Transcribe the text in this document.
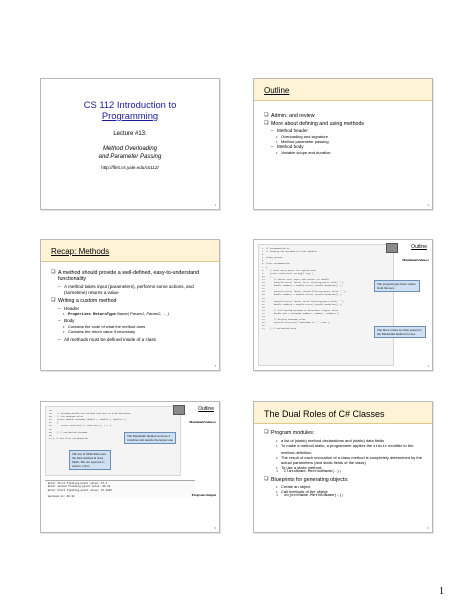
CS 112 Introduction to
Programming
Lecture #13:
Method Overloading
and Parameter Passing
http://flint.cs.yale.edu/cs112/
1
Outline
❏ Admin. and review
❏ More about defining and using methods
– Method header
• Overloading and signature
• Method parameter passing
– Method body
• Variable scope and duration
2
Recap: Methods
❏ A method should provide a well-defined, easy-to-understand functionality
– A method takes input (parameters), performs some actions, and (sometime) returns a value
❏ Writing a custom method
– Header
• Properties ReturnType Name( Param1, Param2, … )
– Body
• Contains the code of what the method does
• Contains the return value if necessary
– All methods must be defined inside of a class
3
1  // MaximumValue.cs
2  // Finding the maximum of three doubles
3
4  using System;
5
6  class MaximumValue
7  {
8     // main entry point for application
9     static void Main( string[] args )
10    {
11       // obtain user input and convert to double
12       Console.Write( "Enter first floating-point value: " );
13       double number1 = Double.Parse( Console.ReadLine() );
14
15       Console.Write( "Enter second floating-point value: " );
16       double number2 = Double.Parse( Console.ReadLine() );
17
18       Console.Write( "Enter third floating-point value: " );
19       double number3 = Double.Parse( Console.ReadLine() );
20
21       // call method Maximum to determine largest value
22       double max = Maximum( number1, number2, number3 );
23
24       // display maximum value
25       Console.WriteLine("\nmaximum is: " + max );
26
27    } // end method Main
Outline
MaximumValue.cs
The program gets three values from the user.
The three values are then passed to the Maximum method for use.
4
28
29    // Maximum method uses method Math.Max to help determine
30    // the maximum value
31    static double Maximum( double x, double y, double z )
32    {
33       return Math.Max( x, Math.Max( y, z ) );
34
35    } // end method Maximum
36
37 } // end class MaximumValue
Enter first floating-point value: 37.3
Enter second floating-point value: 99.32
Enter third floating-point value: 27.1928

maximum is: 99.32
Outline
MaximumValue.cs
Program Output
The Maximum method receives 3 variables and returns the largest one
The use of Math.Max uses the Max method in class Math. The dot operator is used to call it.
5
The Dual Roles of C# Classes
❏ Program modules:
• a list of (static) method declarations and (static) data fields
• To make a method static, a programmer applies the static modifier to the method definition
• The result of each invocation of a class method is completely determined by the actual parameters (and static fields of the class)
• To use a static method:
• ClassName.MethodName(…);
❏ Blueprints for generating objects:
• Create an object
• Call methods of the object:
• objectName.MethodName(…);
6
1
